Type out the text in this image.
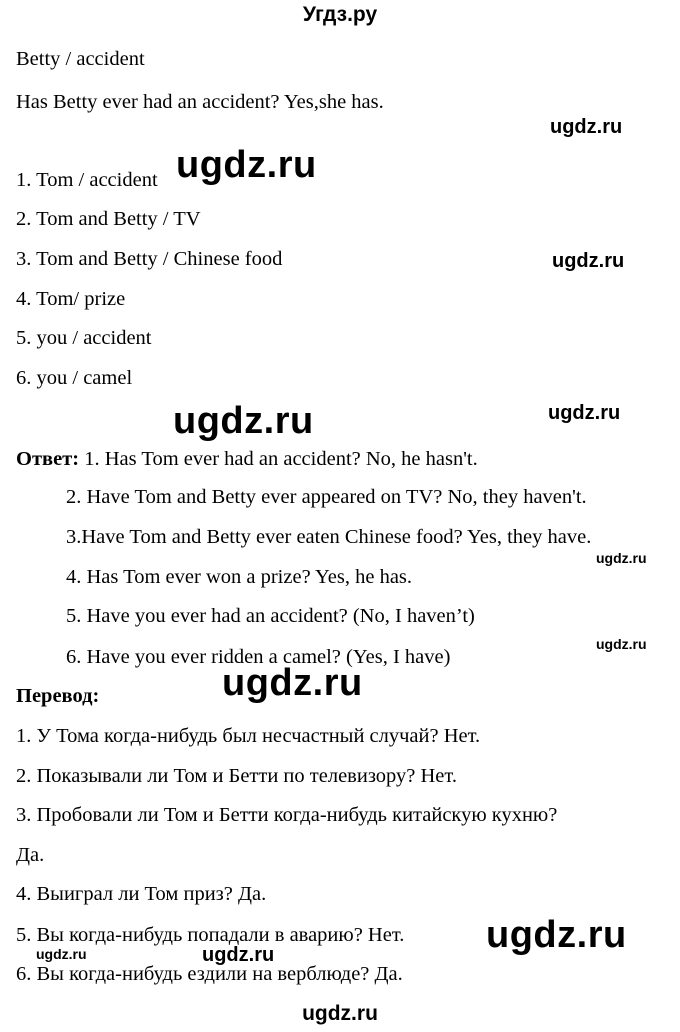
Угдз.ру
Betty / accident
Has Betty ever had an accident? Yes,she has.
1. Tom / accident
2. Tom and Betty / TV
3. Tom and Betty / Chinese food
4. Tom/ prize
5. you / accident
6. you / camel
Ответ: 1. Has Tom ever had an accident? No, he hasn't.
2. Have Tom and Betty ever appeared on TV? No, they haven't.
3.Have Tom and Betty ever eaten Chinese food? Yes, they have.
4. Has Tom ever won a prize? Yes, he has.
5. Have you ever had an accident? (No, I haven’t)
6. Have you ever ridden a camel? (Yes, I have)
Перевод:
1. У Тома когда-нибудь был несчастный случай? Нет.
2. Показывали ли Том и Бетти по телевизору? Нет.
3. Пробовали ли Том и Бетти когда-нибудь китайскую кухню?
Да.
4. Выиграл ли Том приз? Да.
5. Вы когда-нибудь попадали в аварию? Нет.
6. Вы когда-нибудь ездили на верблюде? Да.
ugdz.ru
ugdz.ru
ugdz.ru
ugdz.ru	ugdz.ru
ugdz.ru
ugdz.ru
ugdz.ru
ugdz.ru
ugdz.ru	ugdz.ru
ugdz.ru
